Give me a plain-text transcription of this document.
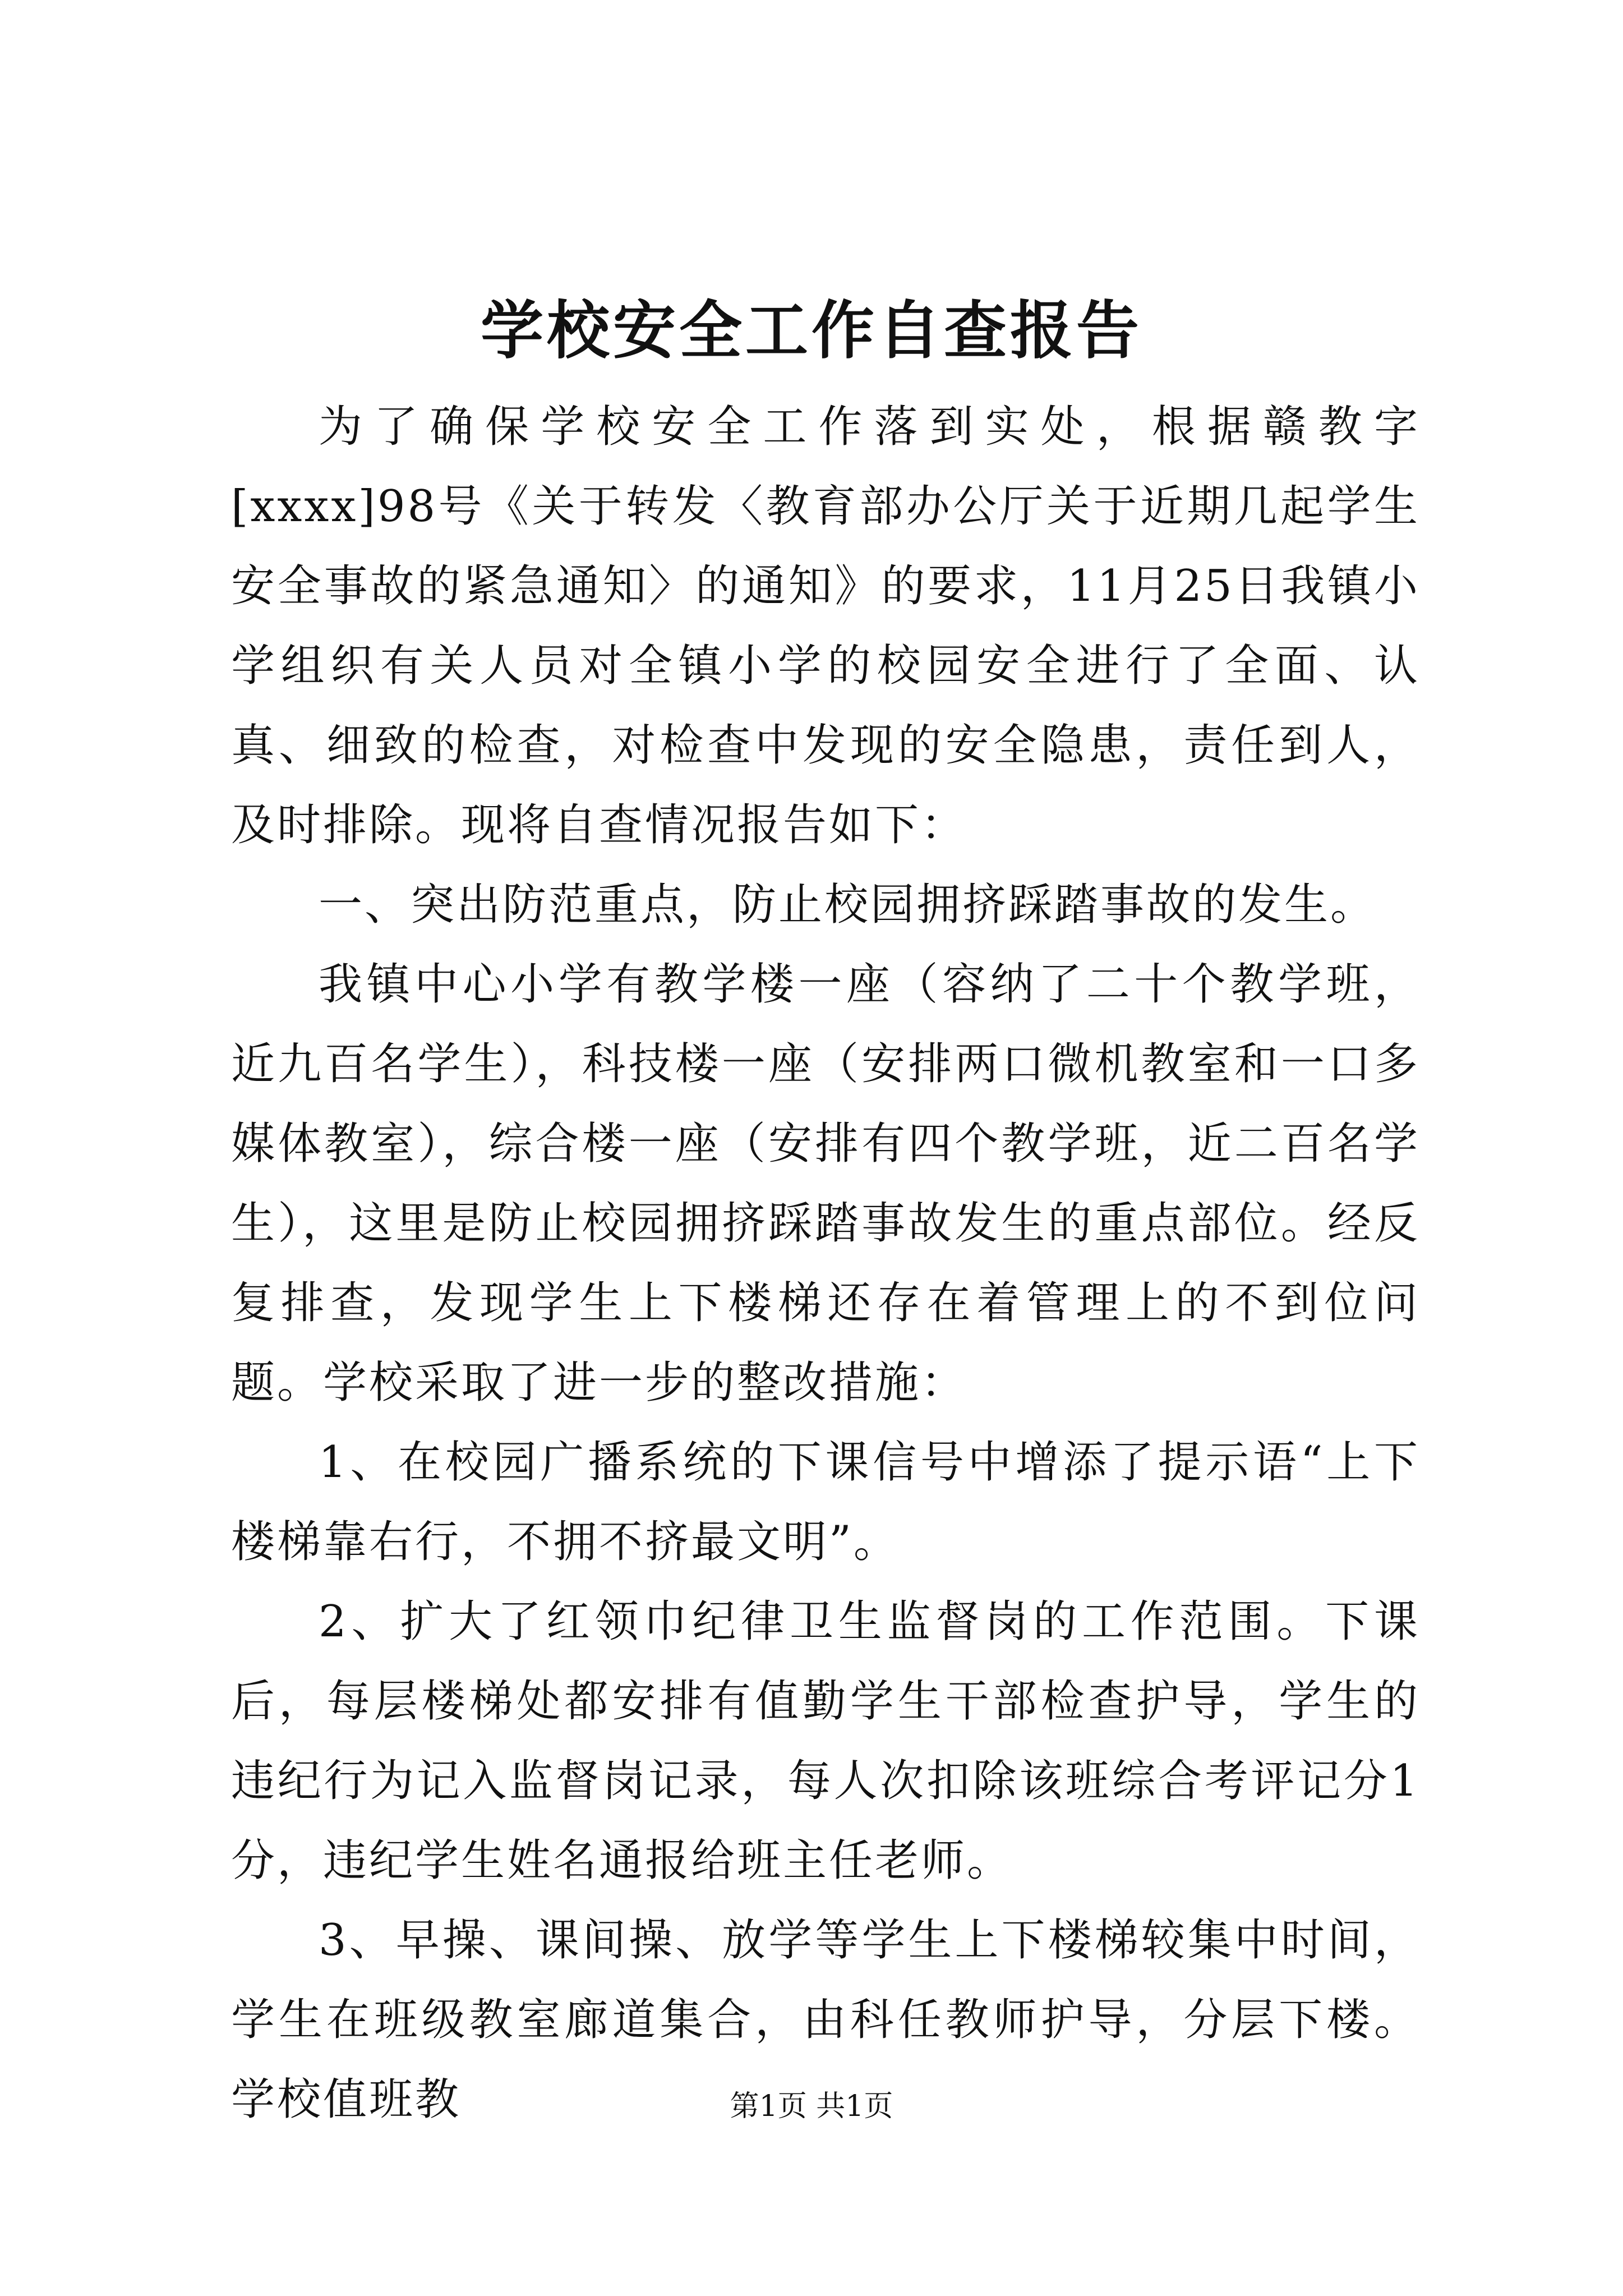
学校安全工作自查报告

为了确保学校安全工作落到实处，根据赣教字[xxxx]98号《关于转发〈教育部办公厅关于近期几起学生安全事故的紧急通知〉的通知》的要求，11月25日我镇小学组织有关人员对全镇小学的校园安全进行了全面、认真、细致的检查，对检查中发现的安全隐患，责任到人，及时排除。现将自查情况报告如下：

一、突出防范重点，防止校园拥挤踩踏事故的发生。

我镇中心小学有教学楼一座（容纳了二十个教学班，近九百名学生），科技楼一座（安排两口微机教室和一口多媒体教室），综合楼一座（安排有四个教学班，近二百名学生），这里是防止校园拥挤踩踏事故发生的重点部位。经反复排查，发现学生上下楼梯还存在着管理上的不到位问题。学校采取了进一步的整改措施：

1、在校园广播系统的下课信号中增添了提示语“上下楼梯靠右行，不拥不挤最文明”。

2、扩大了红领巾纪律卫生监督岗的工作范围。下课后，每层楼梯处都安排有值勤学生干部检查护导，学生的违纪行为记入监督岗记录，每人次扣除该班综合考评记分1分，违纪学生姓名通报给班主任老师。

3、早操、课间操、放学等学生上下楼梯较集中时间，学生在班级教室廊道集合，由科任教师护导，分层下楼。学校值班教	第1页 共1页
